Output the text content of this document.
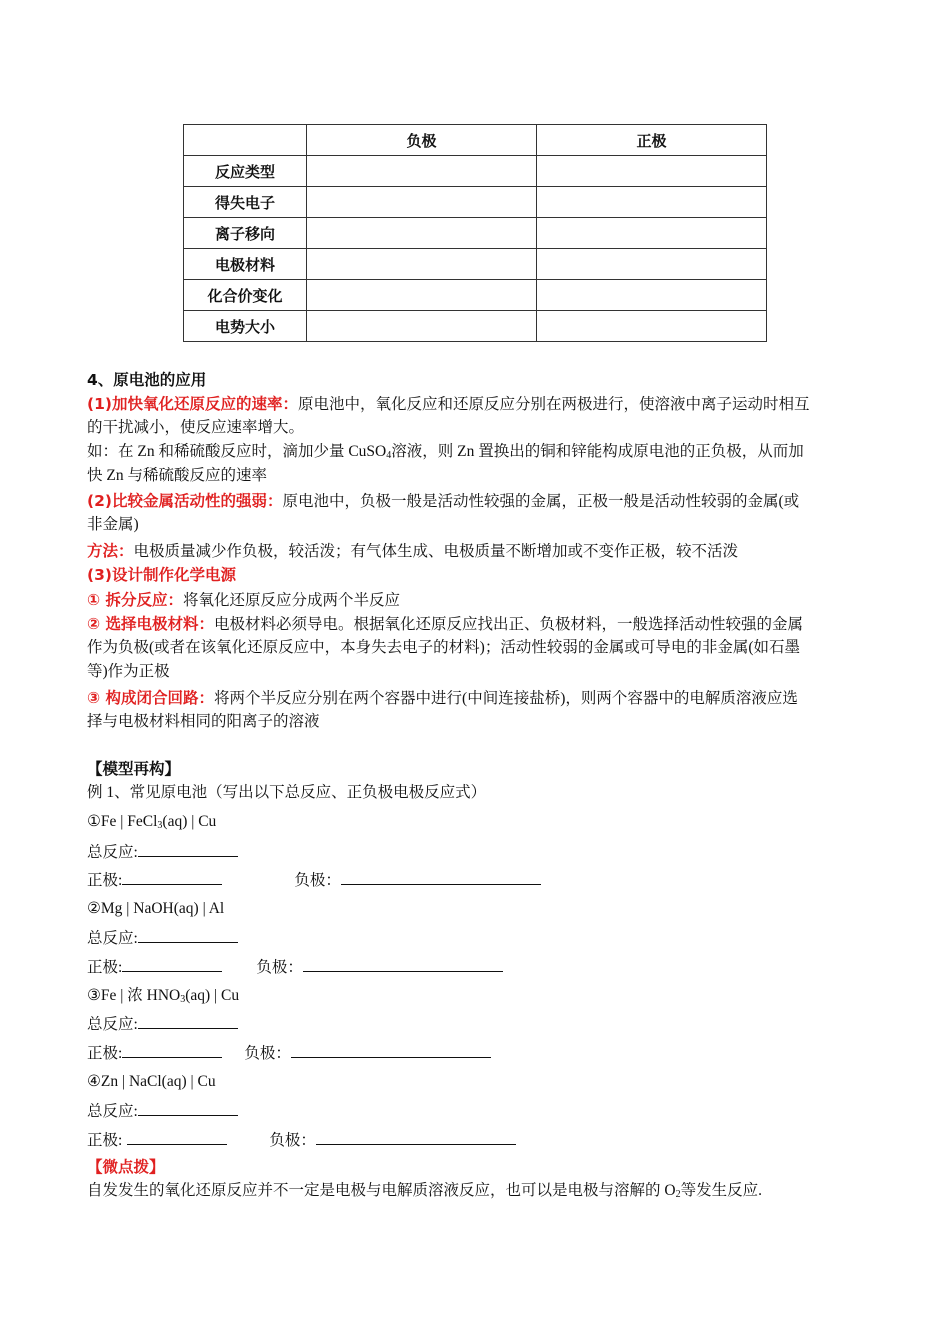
	负极	正极
反应类型		
得失电子		
离子移向		
电极材料		
化合价变化		
电势大小		
4、原电池的应用
(1)加快氧化还原反应的速率：原电池中，氧化反应和还原反应分别在两极进行，使溶液中离子运动时相互
的干扰减小，使反应速率增大。
如：在 Zn 和稀硫酸反应时，滴加少量 CuSO$_4$溶液，则 Zn 置换出的铜和锌能构成原电池的正负极，从而加
快 Zn 与稀硫酸反应的速率
(2)比较金属活动性的强弱：原电池中，负极一般是活动性较强的金属，正极一般是活动性较弱的金属(或
非金属)
方法：电极质量减少作负极，较活泼；有气体生成、电极质量不断增加或不变作正极，较不活泼
(3)设计制作化学电源
① 拆分反应：将氧化还原反应分成两个半反应
② 选择电极材料：电极材料必须导电。根据氧化还原反应找出正、负极材料，一般选择活动性较强的金属
作为负极(或者在该氧化还原反应中，本身失去电子的材料)；活动性较弱的金属或可导电的非金属(如石墨
等)作为正极
③ 构成闭合回路：将两个半反应分别在两个容器中进行(中间连接盐桥)，则两个容器中的电解质溶液应选
择与电极材料相同的阳离子的溶液
【模型再构】
例 1、常见原电池（写出以下总反应、正负极电极反应式）
①Fe | FeCl$_3$(aq) | Cu
总反应:
正极:	负极：
②Mg | NaOH(aq) | Al
总反应:
正极:	负极：
③Fe | 浓 $HNO_3(aq)$ | Cu
总反应:
正极:	负极：
④Zn | NaCl(aq) | Cu
总反应:
正极:	负极：
【微点拨】
自发发生的氧化还原反应并不一定是电极与电解质溶液反应，也可以是电极与溶解的 $O_2$等发生反应.
